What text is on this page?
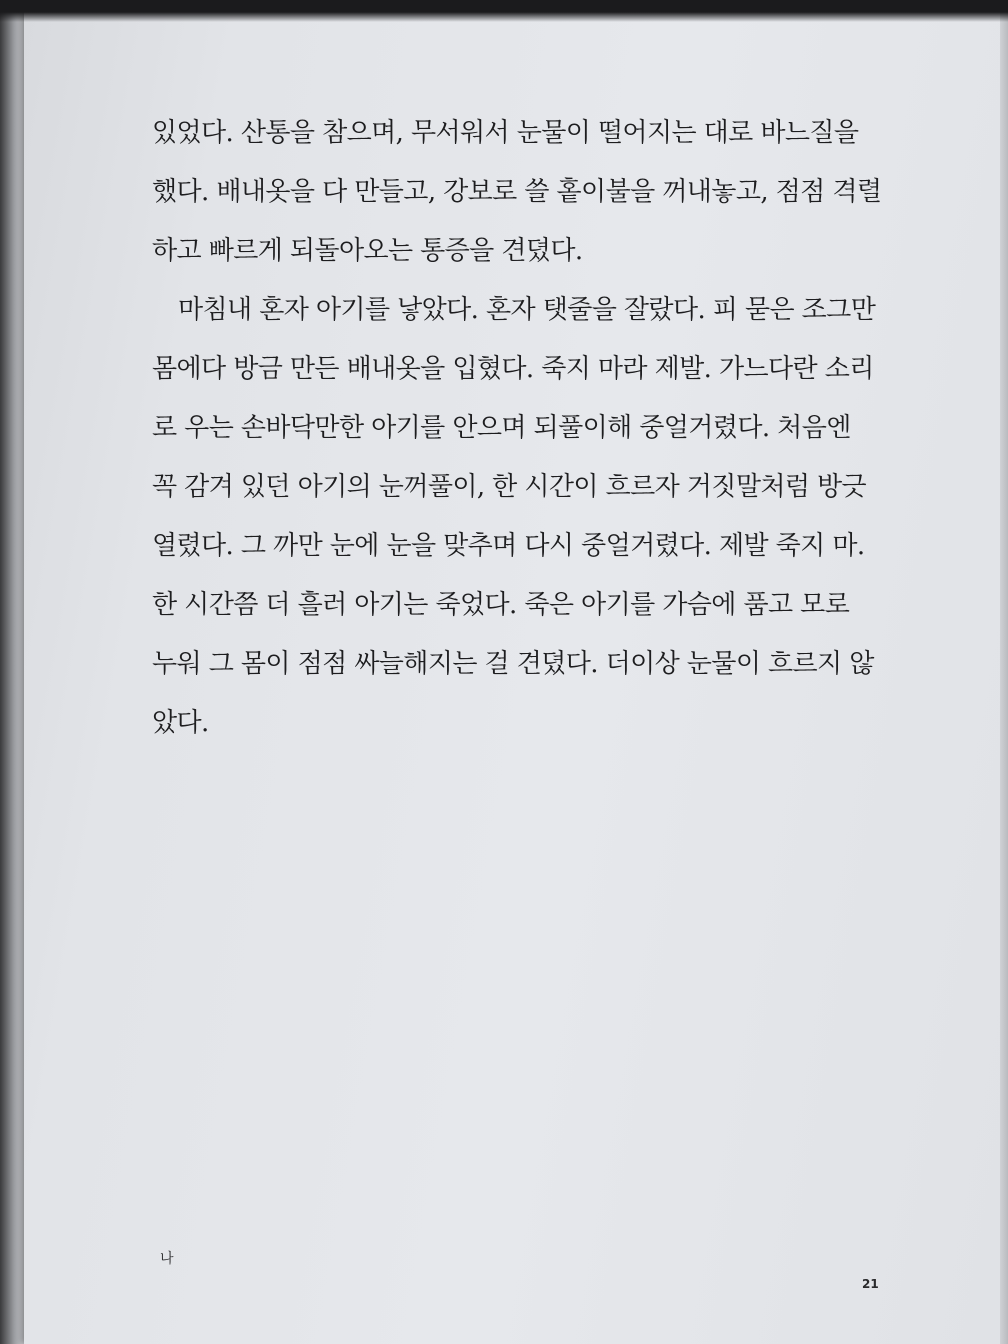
있었다. 산통을 참으며, 무서워서 눈물이 떨어지는 대로 바느질을
했다. 배내옷을 다 만들고, 강보로 쓸 홑이불을 꺼내놓고, 점점 격렬
하고 빠르게 되돌아오는 통증을 견뎠다.
마침내 혼자 아기를 낳았다. 혼자 탯줄을 잘랐다. 피 묻은 조그만
몸에다 방금 만든 배내옷을 입혔다. 죽지 마라 제발. 가느다란 소리
로 우는 손바닥만한 아기를 안으며 되풀이해 중얼거렸다. 처음엔
꼭 감겨 있던 아기의 눈꺼풀이, 한 시간이 흐르자 거짓말처럼 방긋
열렸다. 그 까만 눈에 눈을 맞추며 다시 중얼거렸다. 제발 죽지 마.
한 시간쯤 더 흘러 아기는 죽었다. 죽은 아기를 가슴에 품고 모로
누워 그 몸이 점점 싸늘해지는 걸 견뎠다. 더이상 눈물이 흐르지 않
았다.
나
21
